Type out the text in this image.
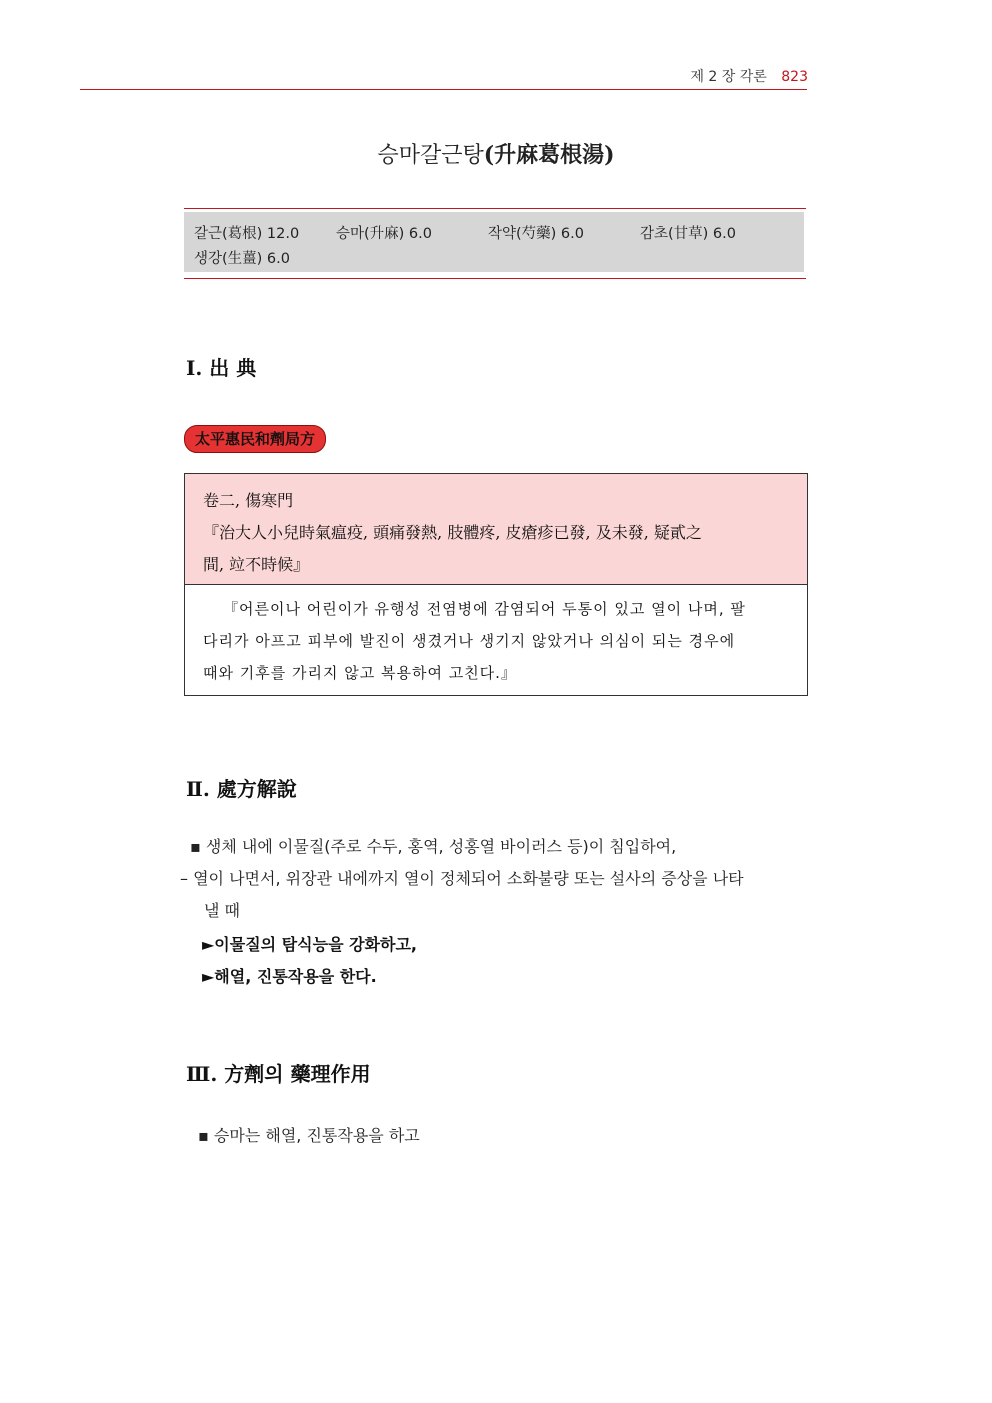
제 2 장 각론 823
승마갈근탕(升麻葛根湯)
갈근(葛根) 12.0	승마(升麻) 6.0	작약(芍藥) 6.0	감초(甘草) 6.0
생강(生薑) 6.0
Ⅰ. 出 典
太平惠民和劑局方
卷二, 傷寒門
『治大人小兒時氣瘟疫, 頭痛發熱, 肢體疼, 皮瘡疹已發, 及未發, 疑貳之
間, 竝不時候』
『어른이나 어린이가 유행성 전염병에 감염되어 두통이 있고 열이 나며, 팔
다리가 아프고 피부에 발진이 생겼거나 생기지 않았거나 의심이 되는 경우에
때와 기후를 가리지 않고 복용하여 고친다.』
Ⅱ. 處方解說
▪ 생체 내에 이물질(주로 수두, 홍역, 성홍열 바이러스 등)이 침입하여,
– 열이 나면서, 위장관 내에까지 열이 정체되어 소화불량 또는 설사의 증상을 나타
낼 때
►이물질의 탐식능을 강화하고,
►해열, 진통작용을 한다.
Ⅲ. 方劑의 藥理作用
▪ 승마는 해열, 진통작용을 하고
